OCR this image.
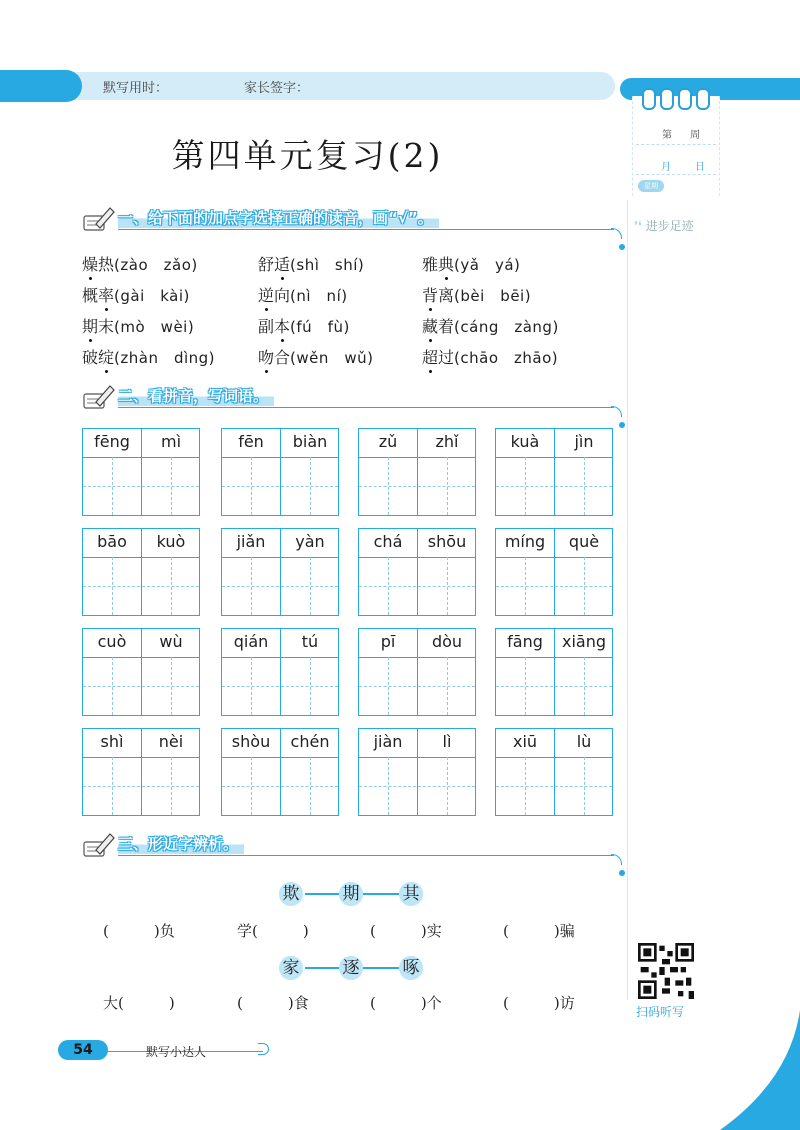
默写用时：	家长签字：
第 周
月 日
星期
❜❛ 进步足迹
第四单元复习(2)
一、给下面的加点字选择正确的读音，画“√”。
燥热(zào　zǎo)	舒适(shì　shí)	雅典(yǎ　yá)
概率(gài　kài)	逆向(nì　ní)	背离(bèi　bēi)
期末(mò　wèi)	副本(fú　fù)	藏着(cáng　zàng)
破绽(zhàn　dìng)	吻合(wěn　wǔ)	超过(chāo　zhāo)
二、看拼音，写词语。
fēng	mì	fēn	biàn	zǔ	zhǐ	kuà	jìn
bāo	kuò	jiǎn	yàn	chá	shōu	míng	què
cuò	wù	qián	tú	pī	dòu	fāng	xiāng
shì	nèi	shòu	chén	jiàn	lì	xiū	lù
三、形近字辨析。
欺	期	其
(　　　)负	学(　　　)	(　　　)实	(　　　)骗
家	逐	啄
大(　　　)	(　　　)食	(　　　)个	(　　　)访	扫码听写
54	默写小达人
